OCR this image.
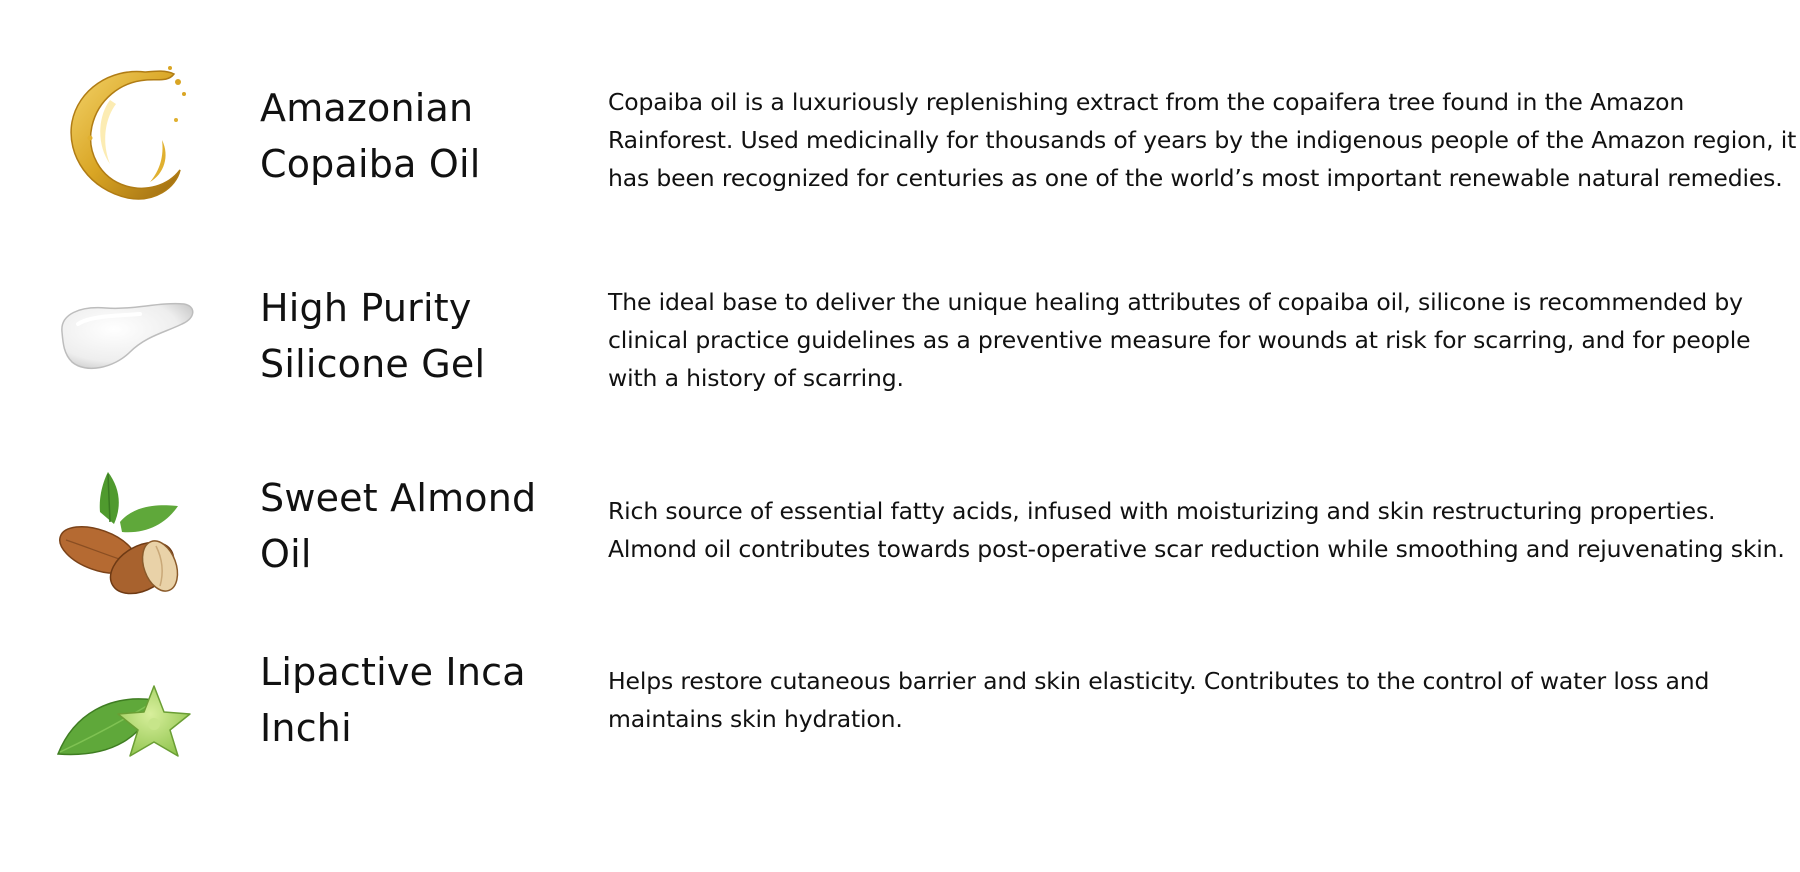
Amazonian Copaiba Oil

Copaiba oil is a luxuriously replenishing extract from the copaifera tree found in the Amazon Rainforest. Used medicinally for thousands of years by the indigenous people of the Amazon region, it has been recognized for centuries as one of the world’s most important renewable natural remedies.

High Purity Silicone Gel

The ideal base to deliver the unique healing attributes of copaiba oil, silicone is recommended by clinical practice guidelines as a preventive measure for wounds at risk for scarring, and for people with a history of scarring.

Sweet Almond Oil

Rich source of essential fatty acids, infused with moisturizing and skin restructuring properties. Almond oil contributes towards post-operative scar reduction while smoothing and rejuvenating skin.

Lipactive Inca Inchi

Helps restore cutaneous barrier and skin elasticity. Contributes to the control of water loss and maintains skin hydration.
